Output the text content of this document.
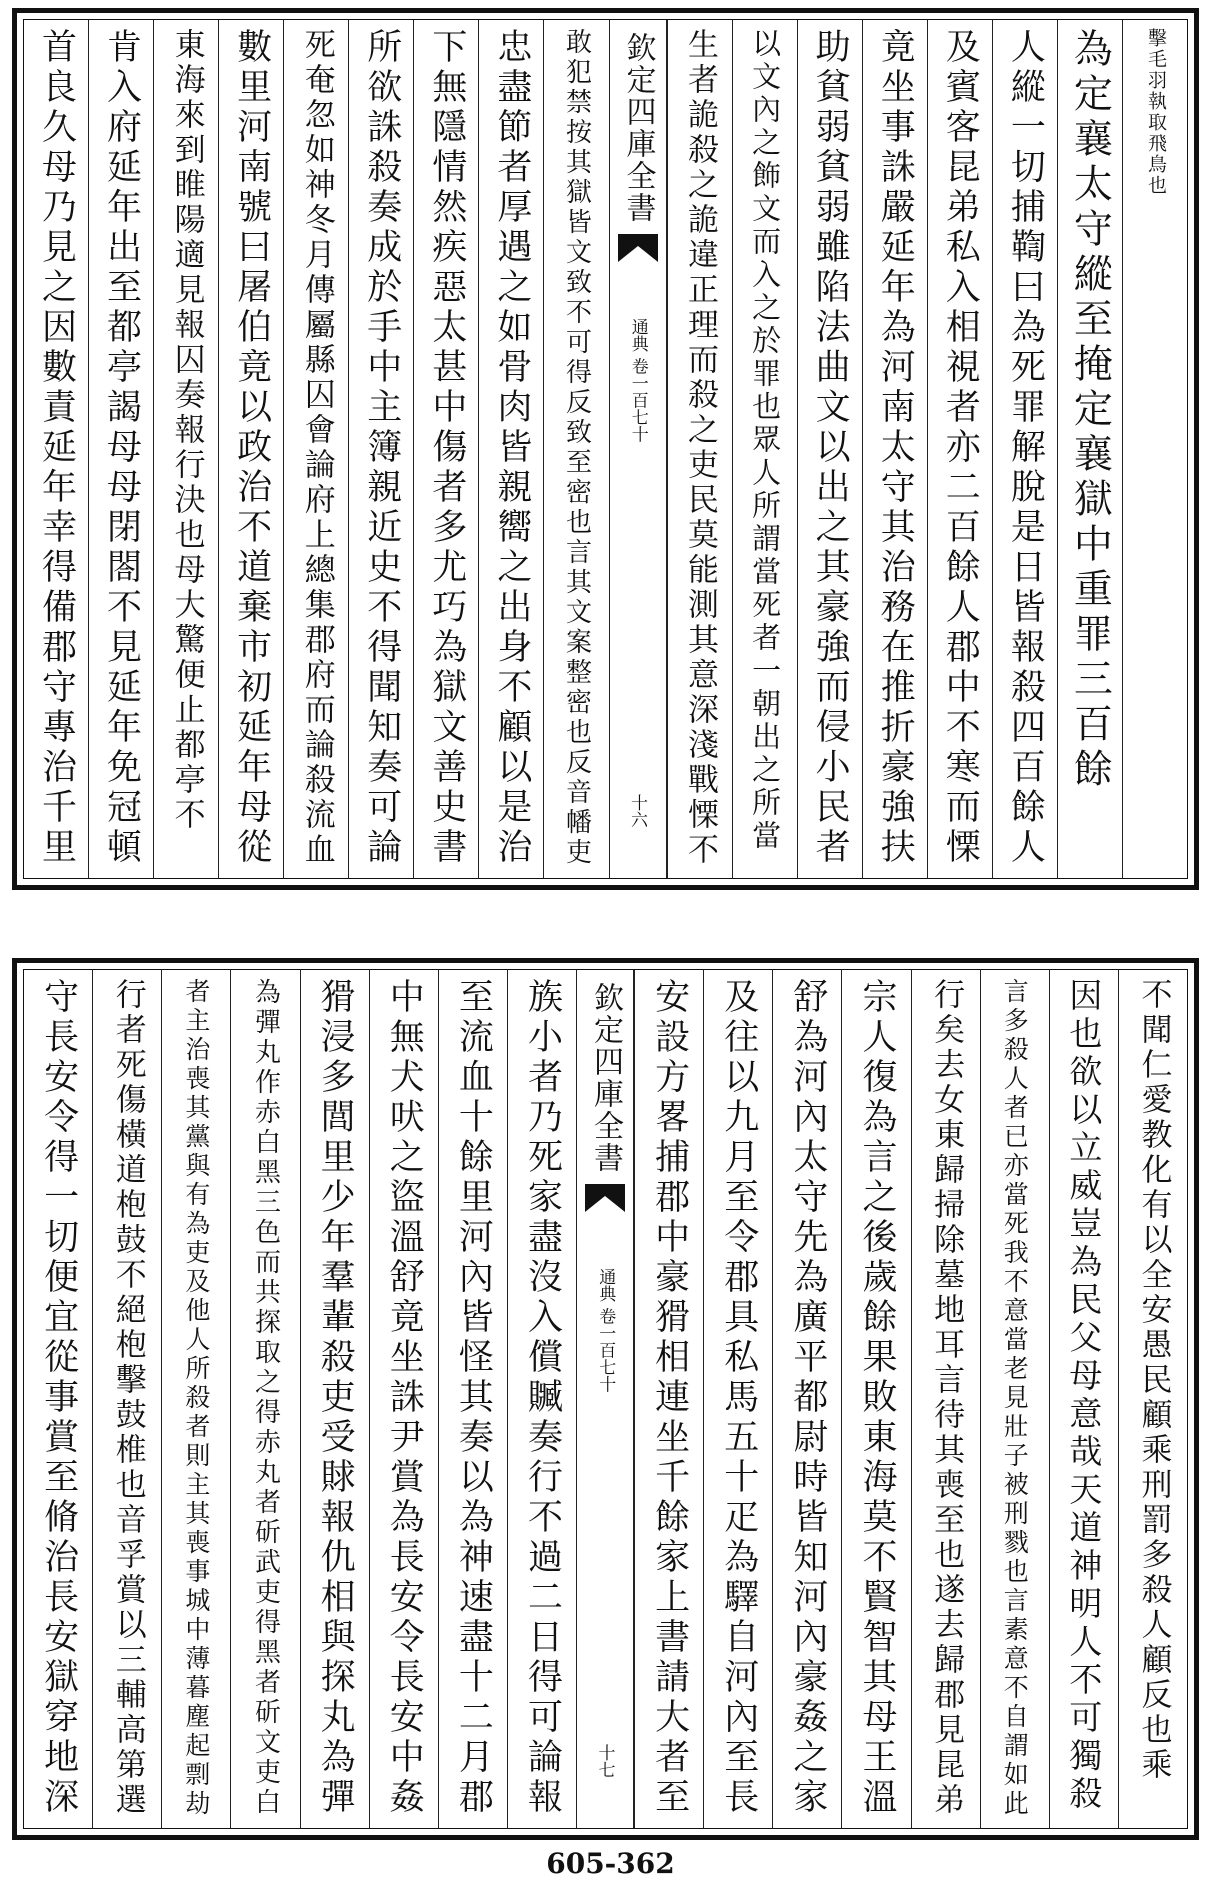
擊毛羽執取飛鳥也
為定襄太守縱至掩定襄獄中重罪三百餘
人縱一切捕鞫曰為死罪解脫是日皆報殺四百餘人
及賓客昆弟私入相視者亦二百餘人郡中不寒而慄
竟坐事誅嚴延年為河南太守其治務在推折豪強扶
助貧弱貧弱雖陷法曲文以出之其豪強而侵小民者
以文內之飾文而入之於罪也眾人所謂當死者一朝出之所當
生者詭殺之詭違正理而殺之吏民莫能測其意深淺戰慄不
欽定四庫全書
通典 卷一百七十
十六
敢犯禁按其獄皆文致不可得反致至密也言其文案整密也反音幡吏
忠盡節者厚遇之如骨肉皆親嚮之出身不顧以是治
下無隱情然疾惡太甚中傷者多尤巧為獄文善史書
所欲誅殺奏成於手中主簿親近史不得聞知奏可論
死奄忽如神冬月傳屬縣囚會論府上總集郡府而論殺流血
數里河南號曰屠伯竟以政治不道棄市初延年母從
東海來到睢陽適見報囚奏報行決也母大驚便止都亭不
肯入府延年出至都亭謁母母閉閤不見延年免冠頓
首良久母乃見之因數責延年幸得備郡守專治千里
不聞仁愛教化有以全安愚民顧乘刑罰多殺人顧反也乘
因也欲以立威豈為民父母意哉天道神明人不可獨殺
言多殺人者已亦當死我不意當老見壯子被刑戮也言素意不自謂如此
行矣去女東歸掃除墓地耳言待其喪至也遂去歸郡見昆弟
宗人復為言之後歲餘果敗東海莫不賢智其母王溫
舒為河內太守先為廣平都尉時皆知河內豪姦之家
及往以九月至令郡具私馬五十疋為驛自河內至長
安設方畧捕郡中豪猾相連坐千餘家上書請大者至
欽定四庫全書
通典 卷一百七十
十七
族小者乃死家盡沒入償贓奏行不過二日得可論報
至流血十餘里河內皆怪其奏以為神速盡十二月郡
中無犬吠之盜溫舒竟坐誅尹賞為長安令長安中姦
猾浸多閭里少年羣輩殺吏受賕報仇相與探丸為彈
為彈丸作赤白黑三色而共探取之得赤丸者斫武吏得黑者斫文吏白
者主治喪其黨與有為吏及他人所殺者則主其喪事城中薄暮塵起剽劫
行者死傷橫道枹鼓不絕枹擊鼓椎也音孚賞以三輔高第選
守長安令得一切便宜從事賞至脩治長安獄穿地深
605-362
